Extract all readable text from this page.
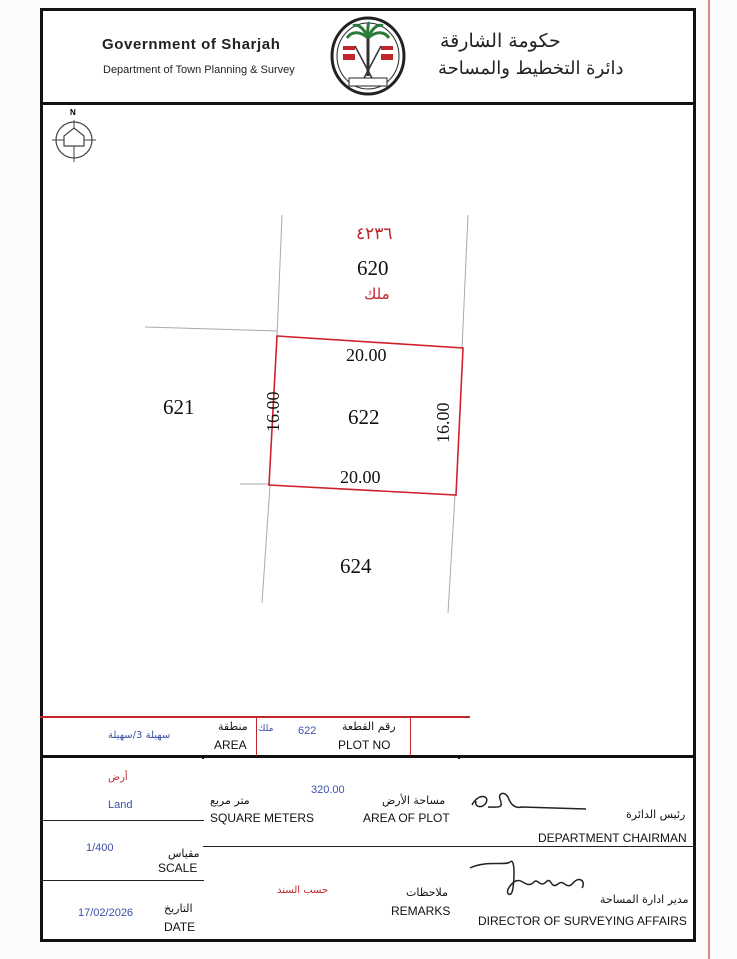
Government of Sharjah
Department of Town Planning & Survey
حكومة الشارقة
دائرة التخطيط والمساحة
N
٤٢٣٦
620
ملك
621	622
624
20.00
20.00
16.00	16.00
سهيلة 3/سهيلة
منطقة
AREA
ملك 622 رقم القطعة
PLOT NO
أرض
Land
320.00
متر مربع
SQUARE METERS
مساحة الأرض
AREA OF PLOT	رئيس الدائرة
DEPARTMENT CHAIRMAN
1/400	مقياس
SCALE
حسب السند	ملاحظات
REMARKS
مدير ادارة المساحة
DIRECTOR OF SURVEYING AFFAIRS
17/02/2026	التاريخ
DATE
